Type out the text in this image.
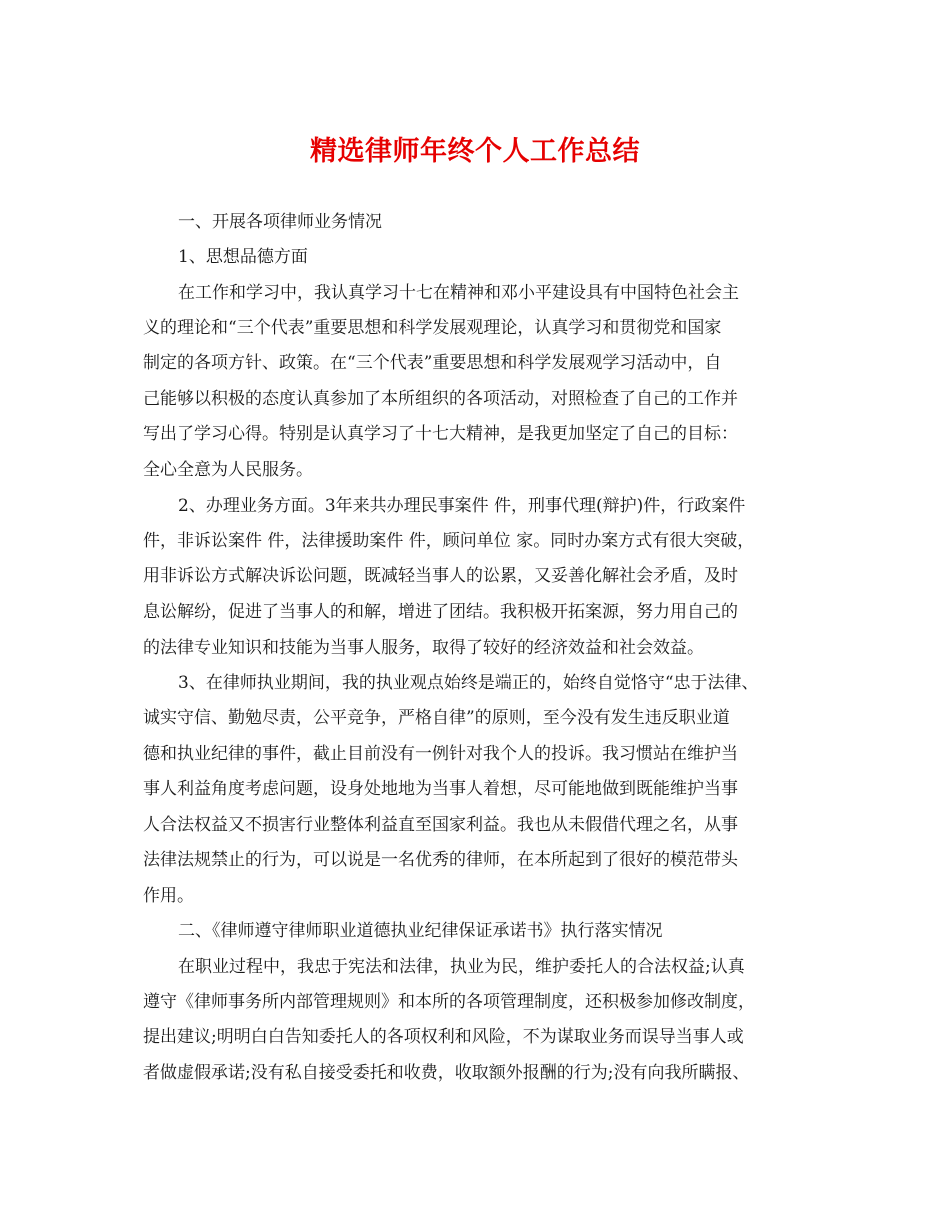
精选律师年终个人工作总结
一、开展各项律师业务情况
1、思想品德方面
在工作和学习中，我认真学习十七在精神和邓小平建设具有中国特色社会主
义的理论和“三个代表”重要思想和科学发展观理论，认真学习和贯彻党和国家
制定的各项方针、政策。在“三个代表”重要思想和科学发展观学习活动中，自
己能够以积极的态度认真参加了本所组织的各项活动，对照检查了自己的工作并
写出了学习心得。特别是认真学习了十七大精神，是我更加坚定了自己的目标：
全心全意为人民服务。
2、办理业务方面。3年来共办理民事案件 件，刑事代理(辩护)件，行政案件
件，非诉讼案件 件，法律援助案件 件，顾问单位 家。同时办案方式有很大突破，
用非诉讼方式解决诉讼问题，既减轻当事人的讼累，又妥善化解社会矛盾，及时
息讼解纷，促进了当事人的和解，增进了团结。我积极开拓案源，努力用自己的
的法律专业知识和技能为当事人服务，取得了较好的经济效益和社会效益。
3、在律师执业期间，我的执业观点始终是端正的，始终自觉恪守“忠于法律、
诚实守信、勤勉尽责，公平竞争，严格自律”的原则，至今没有发生违反职业道
德和执业纪律的事件，截止目前没有一例针对我个人的投诉。我习惯站在维护当
事人利益角度考虑问题，设身处地地为当事人着想，尽可能地做到既能维护当事
人合法权益又不损害行业整体利益直至国家利益。我也从未假借代理之名，从事
法律法规禁止的行为，可以说是一名优秀的律师，在本所起到了很好的模范带头
作用。
二、《律师遵守律师职业道德执业纪律保证承诺书》执行落实情况
在职业过程中，我忠于宪法和法律，执业为民，维护委托人的合法权益;认真
遵守《律师事务所内部管理规则》和本所的各项管理制度，还积极参加修改制度，
提出建议;明明白白告知委托人的各项权利和风险，不为谋取业务而误导当事人或
者做虚假承诺;没有私自接受委托和收费，收取额外报酬的行为;没有向我所瞒报、
